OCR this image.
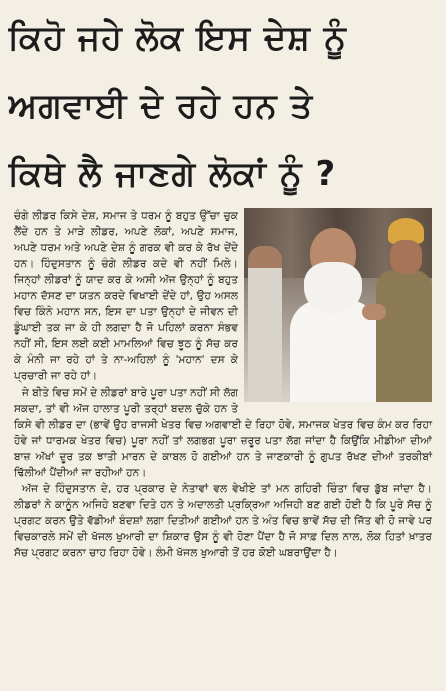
ਕਿਹੋ ਜਹੇ ਲੋਕ ਇਸ ਦੇਸ਼ ਨੂੰ
ਅਗਵਾਈ ਦੇ ਰਹੇ ਹਨ ਤੇ
ਕਿਥੇ ਲੈ ਜਾਣਗੇ ਲੋਕਾਂ ਨੂੰ ?

ਚੰਗੇ ਲੀਡਰ ਕਿਸੇ ਦੇਸ਼, ਸਮਾਜ ਤੇ ਧਰਮ ਨੂੰ ਬਹੁਤ ਉੱਚਾ ਚੁਕ ਲੈਂਦੇ ਹਨ ਤੇ ਮਾੜੇ ਲੀਡਰ, ਅਪਣੇ ਲੋਕਾਂ, ਅਪਣੇ ਸਮਾਜ, ਅਪਣੇ ਧਰਮ ਅਤੇ ਅਪਣੇ ਦੇਸ਼ ਨੂੰ ਗਰਕ ਵੀ ਕਰ ਕੇ ਰੱਖ ਦੇਂਦੇ ਹਨ। ਹਿੰਦੁਸਤਾਨ ਨੂੰ ਚੰਗੇ ਲੀਡਰ ਕਦੇ ਵੀ ਨਹੀਂ ਮਿਲੇ। ਜਿਨ੍ਹਾਂ ਲੀਡਰਾਂ ਨੂੰ ਯਾਦ ਕਰ ਕੇ ਅਸੀ ਅੱਜ ਉਨ੍ਹਾਂ ਨੂੰ ਬਹੁਤ ਮਹਾਨ ਦੱਸਣ ਦਾ ਯਤਨ ਕਰਦੇ ਵਿਖਾਈ ਦੇਂਦੇ ਹਾਂ, ਉਹ ਅਸਲ ਵਿਚ ਕਿੰਨੇ ਮਹਾਨ ਸਨ, ਇਸ ਦਾ ਪਤਾ ਉਨ੍ਹਾਂ ਦੇ ਜੀਵਨ ਦੀ ਡੂੰਘਾਈ ਤਕ ਜਾ ਕੇ ਹੀ ਲਗਦਾ ਹੈ ਜੋ ਪਹਿਲਾਂ ਕਰਨਾ ਸੰਭਵ ਨਹੀਂ ਸੀ, ਇਸ ਲਈ ਕਈ ਮਾਮਲਿਆਂ ਵਿਚ ਝੂਠ ਨੂੰ ਸੱਚ ਕਰ ਕੇ ਮੰਨੀ ਜਾ ਰਹੇ ਹਾਂ ਤੇ ਨਾ-ਅਹਿਲਾਂ ਨੂੰ 'ਮਹਾਨ' ਦਸ ਕੇ ਪ੍ਰਚਾਰੀ ਜਾ ਰਹੇ ਹਾਂ।

ਜੇ ਬੀਤੇ ਵਿਚ ਸਮੇਂ ਦੇ ਲੀਡਰਾਂ ਬਾਰੇ ਪੂਰਾ ਪਤਾ ਨਹੀਂ ਸੀ ਲੱਗ ਸਕਦਾ, ਤਾਂ ਵੀ ਅੱਜ ਹਾਲਾਤ ਪੂਰੀ ਤਰ੍ਹਾਂ ਬਦਲ ਚੁੱਕੇ ਹਨ ਤੇ ਕਿਸੇ ਵੀ ਲੀਡਰ ਦਾ (ਭਾਵੇਂ ਉਹ ਰਾਜਸੀ ਖੇਤਰ ਵਿਚ ਅਗਵਾਈ ਦੇ ਰਿਹਾ ਹੋਵੇ, ਸਮਾਜਕ ਖੇਤਰ ਵਿਚ ਕੰਮ ਕਰ ਰਿਹਾ ਹੋਵੇ ਜਾਂ ਧਾਰਮਕ ਖੇਤਰ ਵਿਚ) ਪੂਰਾ ਨਹੀਂ ਤਾਂ ਲਗਭਗ ਪੂਰਾ ਜ਼ਰੂਰ ਪਤਾ ਲੱਗ ਜਾਂਦਾ ਹੈ ਕਿਉਂਕਿ ਮੀਡੀਆ ਦੀਆਂ ਬਾਜ਼ ਅੱਖਾਂ ਦੂਰ ਤਕ ਝਾਤੀ ਮਾਰਨ ਦੇ ਕਾਬਲ ਹੋ ਗਈਆਂ ਹਨ ਤੇ ਜਾਣਕਾਰੀ ਨੂੰ ਗੁਪਤ ਰੱਖਣ ਦੀਆਂ ਤਰਕੀਬਾਂ ਢਿੱਲੀਆਂ ਪੈਂਦੀਆਂ ਜਾ ਰਹੀਆਂ ਹਨ।

ਅੱਜ ਦੇ ਹਿੰਦੁਸਤਾਨ ਦੇ, ਹਰ ਪ੍ਰਕਾਰ ਦੇ ਨੇਤਾਵਾਂ ਵਲ ਵੇਖੀਏ ਤਾਂ ਮਨ ਗਹਿਰੀ ਚਿੰਤਾ ਵਿਚ ਡੁੱਬ ਜਾਂਦਾ ਹੈ। ਲੀਡਰਾਂ ਨੇ ਕਾਨੂੰਨ ਅਜਿਹੇ ਬਣਵਾ ਦਿਤੇ ਹਨ ਤੇ ਅਦਾਲਤੀ ਪ੍ਰਕ੍ਰਿਆ ਅਜਿਹੀ ਬਣ ਗਈ ਹੋਈ ਹੈ ਕਿ ਪੂਰੇ ਸੱਚ ਨੂੰ ਪ੍ਰਗਟ ਕਰਨ ਉਤੇ ਵੱਡੀਆਂ ਬੰਦਸ਼ਾਂ ਲਗਾ ਦਿਤੀਆਂ ਗਈਆਂ ਹਨ ਤੇ ਅੰਤ ਵਿਚ ਭਾਵੇਂ ਸੱਚ ਦੀ ਜਿੱਤ ਵੀ ਹੋ ਜਾਵੇ ਪਰ ਵਿਚਕਾਰਲੇ ਸਮੇਂ ਦੀ ਖੱਜਲ ਖੁਆਰੀ ਦਾ ਸ਼ਿਕਾਰ ਉਸ ਨੂੰ ਵੀ ਹੋਣਾ ਪੈਂਦਾ ਹੈ ਜੋ ਸਾਫ਼ ਦਿਲ ਨਾਲ, ਲੋਕ ਹਿਤਾਂ ਖ਼ਾਤਰ ਸੱਚ ਪ੍ਰਗਟ ਕਰਨਾ ਚਾਹ ਰਿਹਾ ਹੋਵੇ। ਲੰਮੀ ਖੱਜਲ ਖੁਆਰੀ ਤੋਂ ਹਰ ਕੋਈ ਘਬਰਾਉਂਦਾ ਹੈ।
